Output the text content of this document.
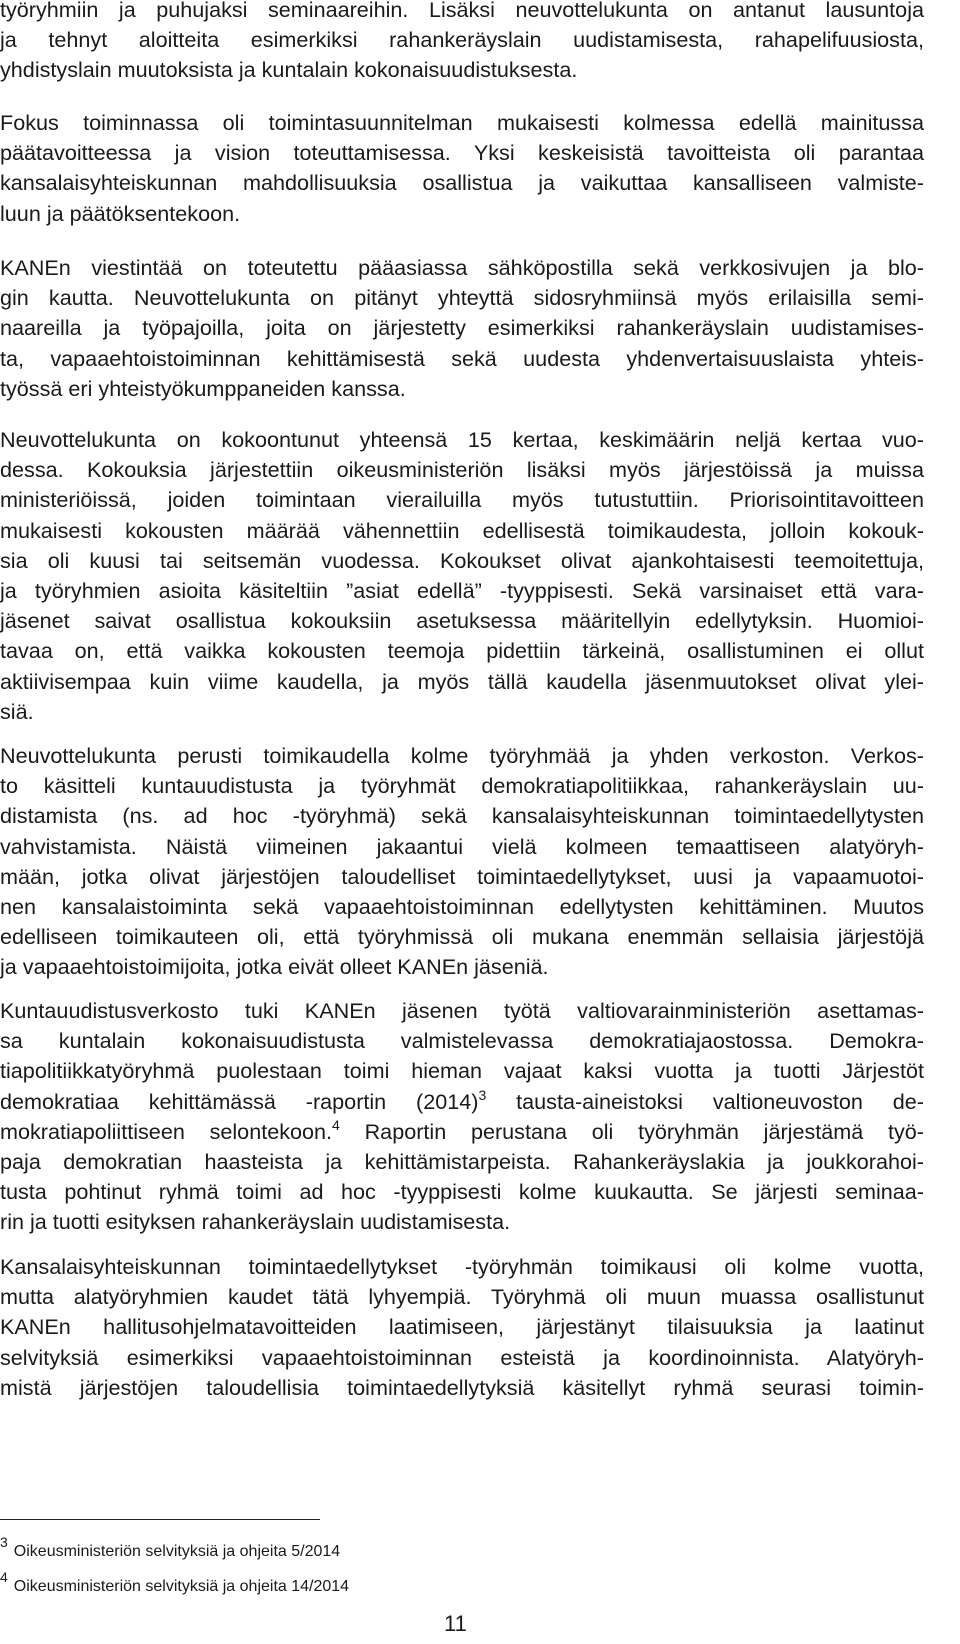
työryhmiin ja puhujaksi seminaareihin. Lisäksi neuvottelukunta on antanut lausuntoja
ja tehnyt aloitteita esimerkiksi rahankeräyslain uudistamisesta, rahapelifuusiosta,
yhdistyslain muutoksista ja kuntalain kokonaisuudistuksesta.
Fokus toiminnassa oli toimintasuunnitelman mukaisesti kolmessa edellä mainitussa
päätavoitteessa ja vision toteuttamisessa. Yksi keskeisistä tavoitteista oli parantaa
kansalaisyhteiskunnan mahdollisuuksia osallistua ja vaikuttaa kansalliseen valmiste-
luun ja päätöksentekoon.
KANEn viestintää on toteutettu pääasiassa sähköpostilla sekä verkkosivujen ja blo-
gin kautta. Neuvottelukunta on pitänyt yhteyttä sidosryhmiinsä myös erilaisilla semi-
naareilla ja työpajoilla, joita on järjestetty esimerkiksi rahankeräyslain uudistamises-
ta, vapaaehtoistoiminnan kehittämisestä sekä uudesta yhdenvertaisuuslaista yhteis-
työssä eri yhteistyökumppaneiden kanssa.
Neuvottelukunta on kokoontunut yhteensä 15 kertaa, keskimäärin neljä kertaa vuo-
dessa. Kokouksia järjestettiin oikeusministeriön lisäksi myös järjestöissä ja muissa
ministeriöissä, joiden toimintaan vierailuilla myös tutustuttiin. Priorisointitavoitteen
mukaisesti kokousten määrää vähennettiin edellisestä toimikaudesta, jolloin kokouk-
sia oli kuusi tai seitsemän vuodessa. Kokoukset olivat ajankohtaisesti teemoitettuja,
ja työryhmien asioita käsiteltiin ”asiat edellä” -tyyppisesti. Sekä varsinaiset että vara-
jäsenet saivat osallistua kokouksiin asetuksessa määritellyin edellytyksin. Huomioi-
tavaa on, että vaikka kokousten teemoja pidettiin tärkeinä, osallistuminen ei ollut
aktiivisempaa kuin viime kaudella, ja myös tällä kaudella jäsenmuutokset olivat ylei-
siä.
Neuvottelukunta perusti toimikaudella kolme työryhmää ja yhden verkoston. Verkos-
to käsitteli kuntauudistusta ja työryhmät demokratiapolitiikkaa, rahankeräyslain uu-
distamista (ns. ad hoc -työryhmä) sekä kansalaisyhteiskunnan toimintaedellytysten
vahvistamista. Näistä viimeinen jakaantui vielä kolmeen temaattiseen alatyöryh-
mään, jotka olivat järjestöjen taloudelliset toimintaedellytykset, uusi ja vapaamuotoi-
nen kansalaistoiminta sekä vapaaehtoistoiminnan edellytysten kehittäminen. Muutos
edelliseen toimikauteen oli, että työryhmissä oli mukana enemmän sellaisia järjestöjä
ja vapaaehtoistoimijoita, jotka eivät olleet KANEn jäseniä.
Kuntauudistusverkosto tuki KANEn jäsenen työtä valtiovarainministeriön asettamas-
sa kuntalain kokonaisuudistusta valmistelevassa demokratiajaostossa. Demokra-
tiapolitiikkatyöryhmä puolestaan toimi hieman vajaat kaksi vuotta ja tuotti Järjestöt
demokratiaa kehittämässä -raportin $(2014)^3$ tausta-aineistoksi valtioneuvoston de-
mokratiapoliittiseen selontekoon.$^4$ Raportin perustana oli työryhmän järjestämä työ-
paja demokratian haasteista ja kehittämistarpeista. Rahankeräyslakia ja joukkorahoi-
tusta pohtinut ryhmä toimi ad hoc -tyyppisesti kolme kuukautta. Se järjesti seminaa-
rin ja tuotti esityksen rahankeräyslain uudistamisesta.
Kansalaisyhteiskunnan toimintaedellytykset -työryhmän toimikausi oli kolme vuotta,
mutta alatyöryhmien kaudet tätä lyhyempiä. Työryhmä oli muun muassa osallistunut
KANEn hallitusohjelmatavoitteiden laatimiseen, järjestänyt tilaisuuksia ja laatinut
selvityksiä esimerkiksi vapaaehtoistoiminnan esteistä ja koordinoinnista. Alatyöryh-
mistä järjestöjen taloudellisia toimintaedellytyksiä käsitellyt ryhmä seurasi toimin-
$^3$Oikeusministeriön selvityksiä ja ohjeita 5/2014
$^4$Oikeusministeriön selvityksiä ja ohjeita 14/2014
11
